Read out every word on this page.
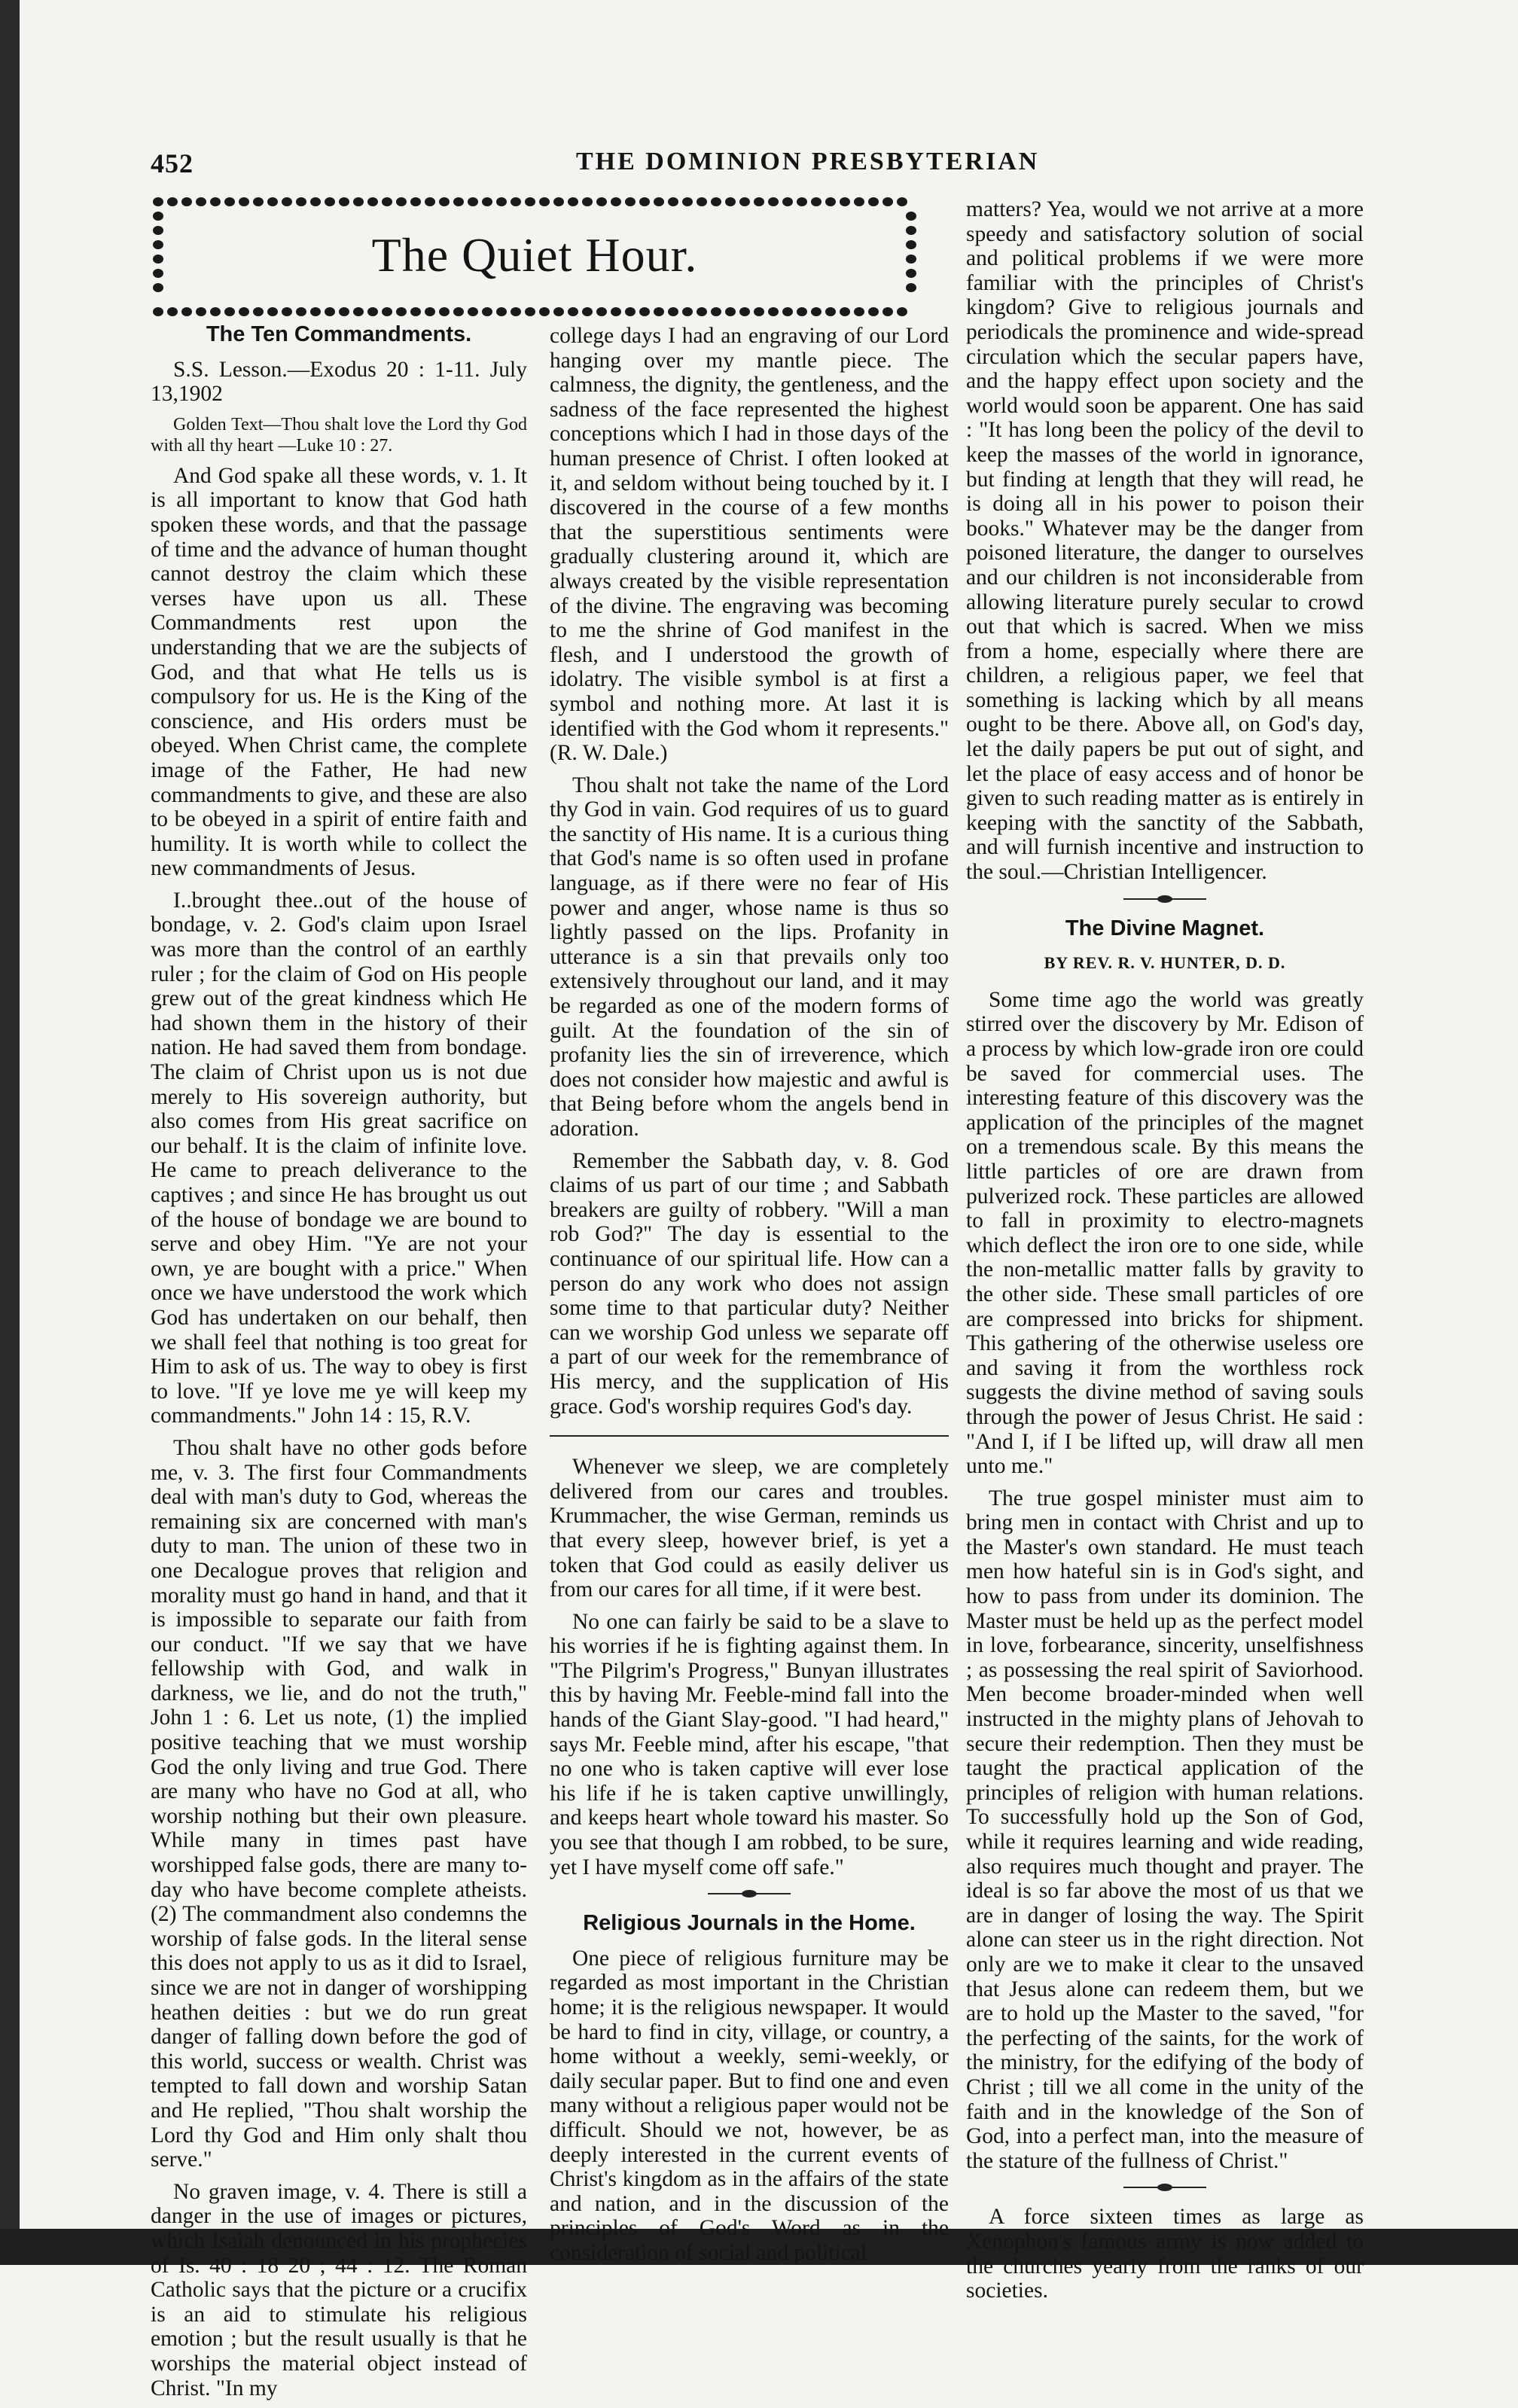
452	THE DOMINION PRESBYTERIAN
The Quiet Hour.
The Ten Commandments.

S.S. Lesson.—Exodus 20 : 1-11. July 13,1902

Golden Text—Thou shalt love the Lord thy God with all thy heart —Luke 10 : 27.

And God spake all these words, v. 1. It is all important to know that God hath spoken these words, and that the passage of time and the advance of human thought cannot destroy the claim which these verses have upon us all. These Commandments rest upon the understanding that we are the subjects of God, and that what He tells us is compulsory for us. He is the King of the conscience, and His orders must be obeyed. When Christ came, the complete image of the Father, He had new commandments to give, and these are also to be obeyed in a spirit of entire faith and humility. It is worth while to collect the new commandments of Jesus.

I..brought thee..out of the house of bondage, v. 2. God's claim upon Israel was more than the control of an earthly ruler ; for the claim of God on His people grew out of the great kindness which He had shown them in the history of their nation. He had saved them from bondage. The claim of Christ upon us is not due merely to His sovereign authority, but also comes from His great sacrifice on our behalf. It is the claim of infinite love. He came to preach deliverance to the captives ; and since He has brought us out of the house of bondage we are bound to serve and obey Him. "Ye are not your own, ye are bought with a price." When once we have understood the work which God has undertaken on our behalf, then we shall feel that nothing is too great for Him to ask of us. The way to obey is first to love. "If ye love me ye will keep my commandments." John 14 : 15, R.V.

Thou shalt have no other gods before me, v. 3. The first four Commandments deal with man's duty to God, whereas the remaining six are concerned with man's duty to man. The union of these two in one Decalogue proves that religion and morality must go hand in hand, and that it is impossible to separate our faith from our conduct. "If we say that we have fellowship with God, and walk in darkness, we lie, and do not the truth," John 1 : 6. Let us note, (1) the implied positive teaching that we must worship God the only living and true God. There are many who have no God at all, who worship nothing but their own pleasure. While many in times past have worshipped false gods, there are many to-day who have become complete atheists. (2) The commandment also condemns the worship of false gods. In the literal sense this does not apply to us as it did to Israel, since we are not in danger of worshipping heathen deities : but we do run great danger of falling down before the god of this world, success or wealth. Christ was tempted to fall down and worship Satan and He replied, "Thou shalt worship the Lord thy God and Him only shalt thou serve."

No graven image, v. 4. There is still a danger in the use of images or pictures, which Isaiah denounced in his prophecies of Is. 40 : 18 20 ; 44 : 12. The Roman Catholic says that the picture or a crucifix is an aid to stimulate his religious emotion ; but the result usually is that he worships the material object instead of Christ. "In my

college days I had an engraving of our Lord hanging over my mantle piece. The calmness, the dignity, the gentleness, and the sadness of the face represented the highest conceptions which I had in those days of the human presence of Christ. I often looked at it, and seldom without being touched by it. I discovered in the course of a few months that the superstitious sentiments were gradually clustering around it, which are always created by the visible representation of the divine. The engraving was becoming to me the shrine of God manifest in the flesh, and I understood the growth of idolatry. The visible symbol is at first a symbol and nothing more. At last it is identified with the God whom it represents." (R. W. Dale.)

Thou shalt not take the name of the Lord thy God in vain. God requires of us to guard the sanctity of His name. It is a curious thing that God's name is so often used in profane language, as if there were no fear of His power and anger, whose name is thus so lightly passed on the lips. Profanity in utterance is a sin that prevails only too extensively throughout our land, and it may be regarded as one of the modern forms of guilt. At the foundation of the sin of profanity lies the sin of irreverence, which does not consider how majestic and awful is that Being before whom the angels bend in adoration.

Remember the Sabbath day, v. 8. God claims of us part of our time ; and Sabbath breakers are guilty of robbery. "Will a man rob God?" The day is essential to the continuance of our spiritual life. How can a person do any work who does not assign some time to that particular duty? Neither can we worship God unless we separate off a part of our week for the remembrance of His mercy, and the supplication of His grace. God's worship requires God's day.

Whenever we sleep, we are completely delivered from our cares and troubles. Krummacher, the wise German, reminds us that every sleep, however brief, is yet a token that God could as easily deliver us from our cares for all time, if it were best.

No one can fairly be said to be a slave to his worries if he is fighting against them. In "The Pilgrim's Progress," Bunyan illustrates this by having Mr. Feeble-mind fall into the hands of the Giant Slay-good. "I had heard," says Mr. Feeble mind, after his escape, "that no one who is taken captive will ever lose his life if he is taken captive unwillingly, and keeps heart whole toward his master. So you see that though I am robbed, to be sure, yet I have myself come off safe."

Religious Journals in the Home.

One piece of religious furniture may be regarded as most important in the Christian home; it is the religious newspaper. It would be hard to find in city, village, or country, a home without a weekly, semi-weekly, or daily secular paper. But to find one and even many without a religious paper would not be difficult. Should we not, however, be as deeply interested in the current events of Christ's kingdom as in the affairs of the state and nation, and in the discussion of the principles of God's Word as in the consideration of social and political

matters? Yea, would we not arrive at a more speedy and satisfactory solution of social and political problems if we were more familiar with the principles of Christ's kingdom? Give to religious journals and periodicals the prominence and wide-spread circulation which the secular papers have, and the happy effect upon society and the world would soon be apparent. One has said : "It has long been the policy of the devil to keep the masses of the world in ignorance, but finding at length that they will read, he is doing all in his power to poison their books." Whatever may be the danger from poisoned literature, the danger to ourselves and our children is not inconsiderable from allowing literature purely secular to crowd out that which is sacred. When we miss from a home, especially where there are children, a religious paper, we feel that something is lacking which by all means ought to be there. Above all, on God's day, let the daily papers be put out of sight, and let the place of easy access and of honor be given to such reading matter as is entirely in keeping with the sanctity of the Sabbath, and will furnish incentive and instruction to the soul.—Christian Intelligencer.

The Divine Magnet.
BY REV. R. V. HUNTER, D. D.

Some time ago the world was greatly stirred over the discovery by Mr. Edison of a process by which low-grade iron ore could be saved for commercial uses. The interesting feature of this discovery was the application of the principles of the magnet on a tremendous scale. By this means the little particles of ore are drawn from pulverized rock. These particles are allowed to fall in proximity to electro-magnets which deflect the iron ore to one side, while the non-metallic matter falls by gravity to the other side. These small particles of ore are compressed into bricks for shipment. This gathering of the otherwise useless ore and saving it from the worthless rock suggests the divine method of saving souls through the power of Jesus Christ. He said : "And I, if I be lifted up, will draw all men unto me."

The true gospel minister must aim to bring men in contact with Christ and up to the Master's own standard. He must teach men how hateful sin is in God's sight, and how to pass from under its dominion. The Master must be held up as the perfect model in love, forbearance, sincerity, unselfishness ; as possessing the real spirit of Saviorhood. Men become broader-minded when well instructed in the mighty plans of Jehovah to secure their redemption. Then they must be taught the practical application of the principles of religion with human relations. To successfully hold up the Son of God, while it requires learning and wide reading, also requires much thought and prayer. The ideal is so far above the most of us that we are in danger of losing the way. The Spirit alone can steer us in the right direction. Not only are we to make it clear to the unsaved that Jesus alone can redeem them, but we are to hold up the Master to the saved, "for the perfecting of the saints, for the work of the ministry, for the edifying of the body of Christ ; till we all come in the unity of the faith and in the knowledge of the Son of God, into a perfect man, into the measure of the stature of the fullness of Christ."

A force sixteen times as large as Xenophon's famous army is now added to the churches yearly from the ranks of our societies.
